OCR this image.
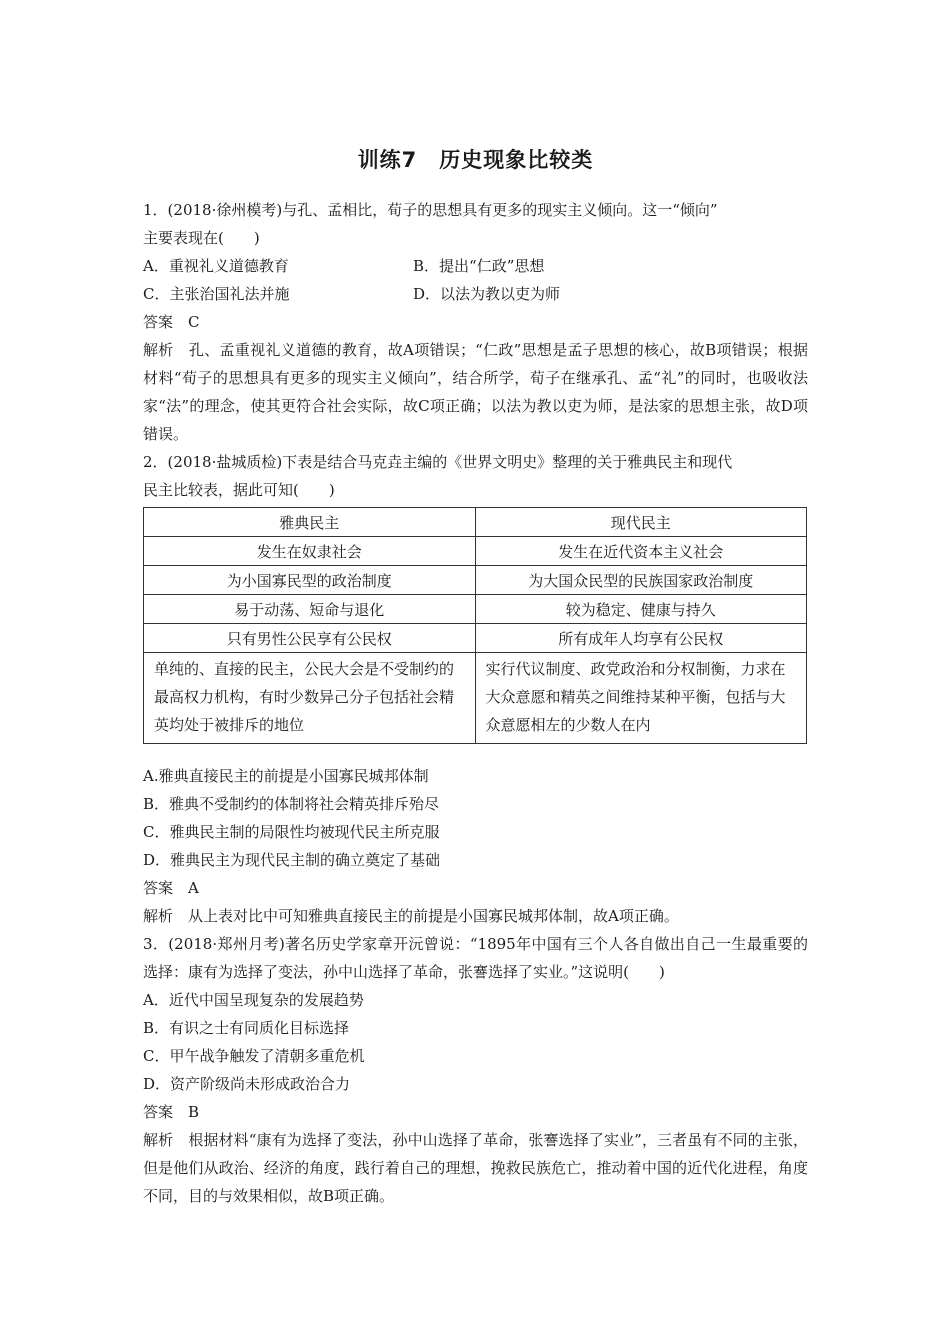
训练7　历史现象比较类
1．(2018·徐州模考)与孔、孟相比，荀子的思想具有更多的现实主义倾向。这一“倾向”
主要表现在(　　)
A．重视礼义道德教育	B．提出“仁政”思想
C．主张治国礼法并施	D．以法为教以吏为师
答案　C
解析　孔、孟重视礼义道德的教育，故A项错误；“仁政”思想是孟子思想的核心，故B项错误；根据材料“荀子的思想具有更多的现实主义倾向”，结合所学，荀子在继承孔、孟“礼”的同时，也吸收法家“法”的理念，使其更符合社会实际，故C项正确；以法为教以吏为师，是法家的思想主张，故D项错误。
2．(2018·盐城质检)下表是结合马克垚主编的《世界文明史》整理的关于雅典民主和现代
民主比较表，据此可知(　　)
雅典民主	现代民主
发生在奴隶社会	发生在近代资本主义社会
为小国寡民型的政治制度	为大国众民型的民族国家政治制度
易于动荡、短命与退化	较为稳定、健康与持久
只有男性公民享有公民权	所有成年人均享有公民权
单纯的、直接的民主，公民大会是不受制约的最高权力机构，有时少数异己分子包括社会精英均处于被排斥的地位	实行代议制度、政党政治和分权制衡，力求在大众意愿和精英之间维持某种平衡，包括与大众意愿相左的少数人在内
A.雅典直接民主的前提是小国寡民城邦体制
B．雅典不受制约的体制将社会精英排斥殆尽
C．雅典民主制的局限性均被现代民主所克服
D．雅典民主为现代民主制的确立奠定了基础
答案　A
解析　从上表对比中可知雅典直接民主的前提是小国寡民城邦体制，故A项正确。
3．(2018·郑州月考)著名历史学家章开沅曾说：“1895年中国有三个人各自做出自己一生最重要的选择：康有为选择了变法，孙中山选择了革命，张謇选择了实业。”这说明(　　)
A．近代中国呈现复杂的发展趋势
B．有识之士有同质化目标选择
C．甲午战争触发了清朝多重危机
D．资产阶级尚未形成政治合力
答案　B
解析　根据材料“康有为选择了变法，孙中山选择了革命，张謇选择了实业”，三者虽有不同的主张，但是他们从政治、经济的角度，践行着自己的理想，挽救民族危亡，推动着中国的近代化进程，角度不同，目的与效果相似，故B项正确。
